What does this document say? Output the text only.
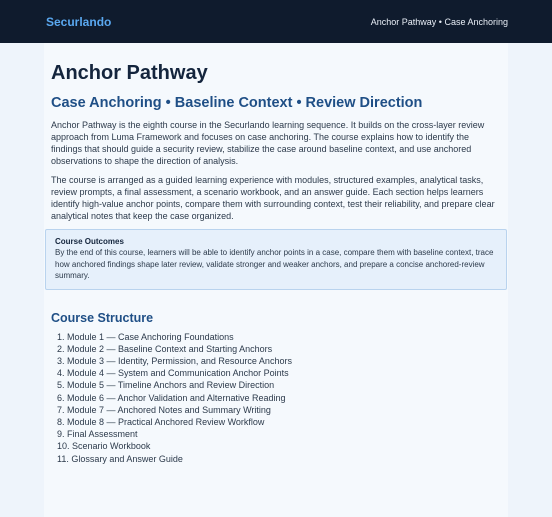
Securlando	Anchor Pathway • Case Anchoring
Anchor Pathway
Case Anchoring • Baseline Context • Review Direction

Anchor Pathway is the eighth course in the Securlando learning sequence. It builds on the cross-layer review approach from Luma Framework and focuses on case anchoring. The course explains how to identify the findings that should guide a security review, stabilize the case around baseline context, and use anchored observations to shape the direction of analysis.

The course is arranged as a guided learning experience with modules, structured examples, analytical tasks, review prompts, a final assessment, a scenario workbook, and an answer guide. Each section helps learners identify high-value anchor points, compare them with surrounding context, test their reliability, and prepare clear analytical notes that keep the case organized.

Course Outcomes
By the end of this course, learners will be able to identify anchor points in a case, compare them with baseline context, trace how anchored findings shape later review, validate stronger and weaker anchors, and prepare a concise anchored-review summary.
Course Structure
1. Module 1 — Case Anchoring Foundations
2. Module 2 — Baseline Context and Starting Anchors
3. Module 3 — Identity, Permission, and Resource Anchors
4. Module 4 — System and Communication Anchor Points
5. Module 5 — Timeline Anchors and Review Direction
6. Module 6 — Anchor Validation and Alternative Reading
7. Module 7 — Anchored Notes and Summary Writing
8. Module 8 — Practical Anchored Review Workflow
9. Final Assessment
10. Scenario Workbook
11. Glossary and Answer Guide
